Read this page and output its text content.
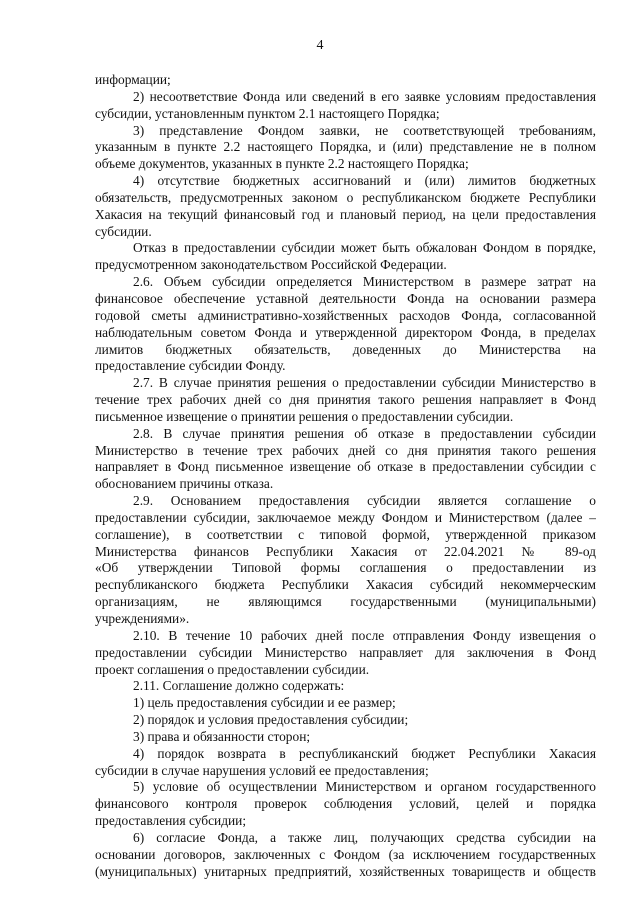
4
информации;
2) несоответствие Фонда или сведений в его заявке условиям предоставления
субсидии, установленным пунктом 2.1 настоящего Порядка;
3) представление Фондом заявки, не соответствующей требованиям,
указанным в пункте 2.2 настоящего Порядка, и (или) представление не в полном
объеме документов, указанных в пункте 2.2 настоящего Порядка;
4) отсутствие бюджетных ассигнований и (или) лимитов бюджетных
обязательств, предусмотренных законом о республиканском бюджете Республики
Хакасия на текущий финансовый год и плановый период, на цели предоставления
субсидии.
Отказ в предоставлении субсидии может быть обжалован Фондом в порядке,
предусмотренном законодательством Российской Федерации.
2.6. Объем субсидии определяется Министерством в размере затрат на
финансовое обеспечение уставной деятельности Фонда на основании размера
годовой сметы административно-хозяйственных расходов Фонда, согласованной
наблюдательным советом Фонда и утвержденной директором Фонда, в пределах
лимитов бюджетных обязательств, доведенных до Министерства на
предоставление субсидии Фонду.
2.7. В случае принятия решения о предоставлении субсидии Министерство в
течение трех рабочих дней со дня принятия такого решения направляет в Фонд
письменное извещение о принятии решения о предоставлении субсидии.
2.8. В случае принятия решения об отказе в предоставлении субсидии
Министерство в течение трех рабочих дней со дня принятия такого решения
направляет в Фонд письменное извещение об отказе в предоставлении субсидии с
обоснованием причины отказа.
2.9. Основанием предоставления субсидии является соглашение о
предоставлении субсидии, заключаемое между Фондом и Министерством (далее –
соглашение), в соответствии с типовой формой, утвержденной приказом
Министерства финансов Республики Хакасия от 22.04.2021 № 89-од
«Об утверждении Типовой формы соглашения о предоставлении из
республиканского бюджета Республики Хакасия субсидий некоммерческим
организациям, не являющимся государственными (муниципальными)
учреждениями».
2.10. В течение 10 рабочих дней после отправления Фонду извещения о
предоставлении субсидии Министерство направляет для заключения в Фонд
проект соглашения о предоставлении субсидии.
2.11. Соглашение должно содержать:
1) цель предоставления субсидии и ее размер;
2) порядок и условия предоставления субсидии;
3) права и обязанности сторон;
4) порядок возврата в республиканский бюджет Республики Хакасия
субсидии в случае нарушения условий ее предоставления;
5) условие об осуществлении Министерством и органом государственного
финансового контроля проверок соблюдения условий, целей и порядка
предоставления субсидии;
6) согласие Фонда, а также лиц, получающих средства субсидии на
основании договоров, заключенных с Фондом (за исключением государственных
(муниципальных) унитарных предприятий, хозяйственных товариществ и обществ
